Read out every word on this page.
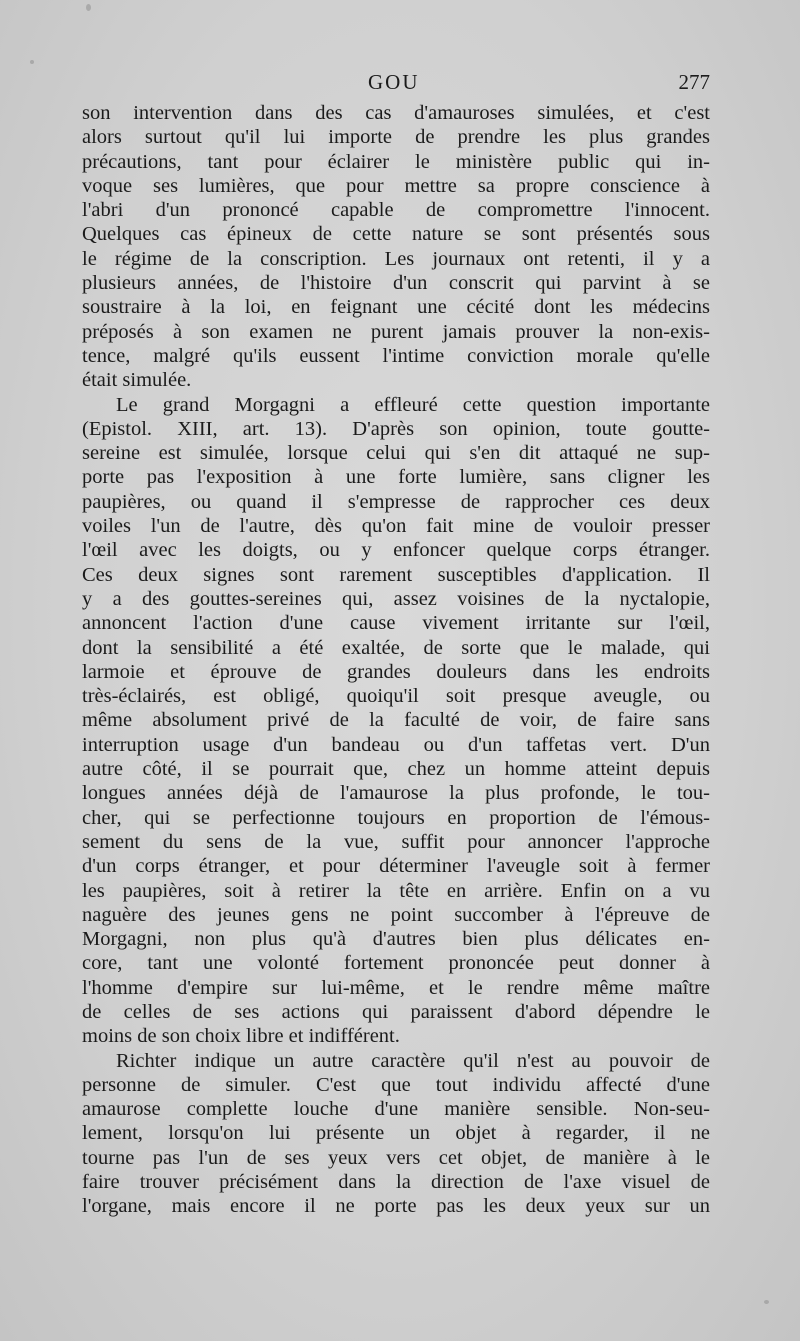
GOU	277
son intervention dans des cas d'amauroses simulées, et c'est
alors surtout qu'il lui importe de prendre les plus grandes
précautions, tant pour éclairer le ministère public qui in-
voque ses lumières, que pour mettre sa propre conscience à
l'abri d'un prononcé capable de compromettre l'innocent.
Quelques cas épineux de cette nature se sont présentés sous
le régime de la conscription. Les journaux ont retenti, il y a
plusieurs années, de l'histoire d'un conscrit qui parvint à se
soustraire à la loi, en feignant une cécité dont les médecins
préposés à son examen ne purent jamais prouver la non-exis-
tence, malgré qu'ils eussent l'intime conviction morale qu'elle
était simulée.
Le grand Morgagni a effleuré cette question importante
(Epistol. XIII, art. 13). D'après son opinion, toute goutte-
sereine est simulée, lorsque celui qui s'en dit attaqué ne sup-
porte pas l'exposition à une forte lumière, sans cligner les
paupières, ou quand il s'empresse de rapprocher ces deux
voiles l'un de l'autre, dès qu'on fait mine de vouloir presser
l'œil avec les doigts, ou y enfoncer quelque corps étranger.
Ces deux signes sont rarement susceptibles d'application. Il
y a des gouttes-sereines qui, assez voisines de la nyctalopie,
annoncent l'action d'une cause vivement irritante sur l'œil,
dont la sensibilité a été exaltée, de sorte que le malade, qui
larmoie et éprouve de grandes douleurs dans les endroits
très-éclairés, est obligé, quoiqu'il soit presque aveugle, ou
même absolument privé de la faculté de voir, de faire sans
interruption usage d'un bandeau ou d'un taffetas vert. D'un
autre côté, il se pourrait que, chez un homme atteint depuis
longues années déjà de l'amaurose la plus profonde, le tou-
cher, qui se perfectionne toujours en proportion de l'émous-
sement du sens de la vue, suffit pour annoncer l'approche
d'un corps étranger, et pour déterminer l'aveugle soit à fermer
les paupières, soit à retirer la tête en arrière. Enfin on a vu
naguère des jeunes gens ne point succomber à l'épreuve de
Morgagni, non plus qu'à d'autres bien plus délicates en-
core, tant une volonté fortement prononcée peut donner à
l'homme d'empire sur lui-même, et le rendre même maître
de celles de ses actions qui paraissent d'abord dépendre le
moins de son choix libre et indifférent.
Richter indique un autre caractère qu'il n'est au pouvoir de
personne de simuler. C'est que tout individu affecté d'une
amaurose complette louche d'une manière sensible. Non-seu-
lement, lorsqu'on lui présente un objet à regarder, il ne
tourne pas l'un de ses yeux vers cet objet, de manière à le
faire trouver précisément dans la direction de l'axe visuel de
l'organe, mais encore il ne porte pas les deux yeux sur un
